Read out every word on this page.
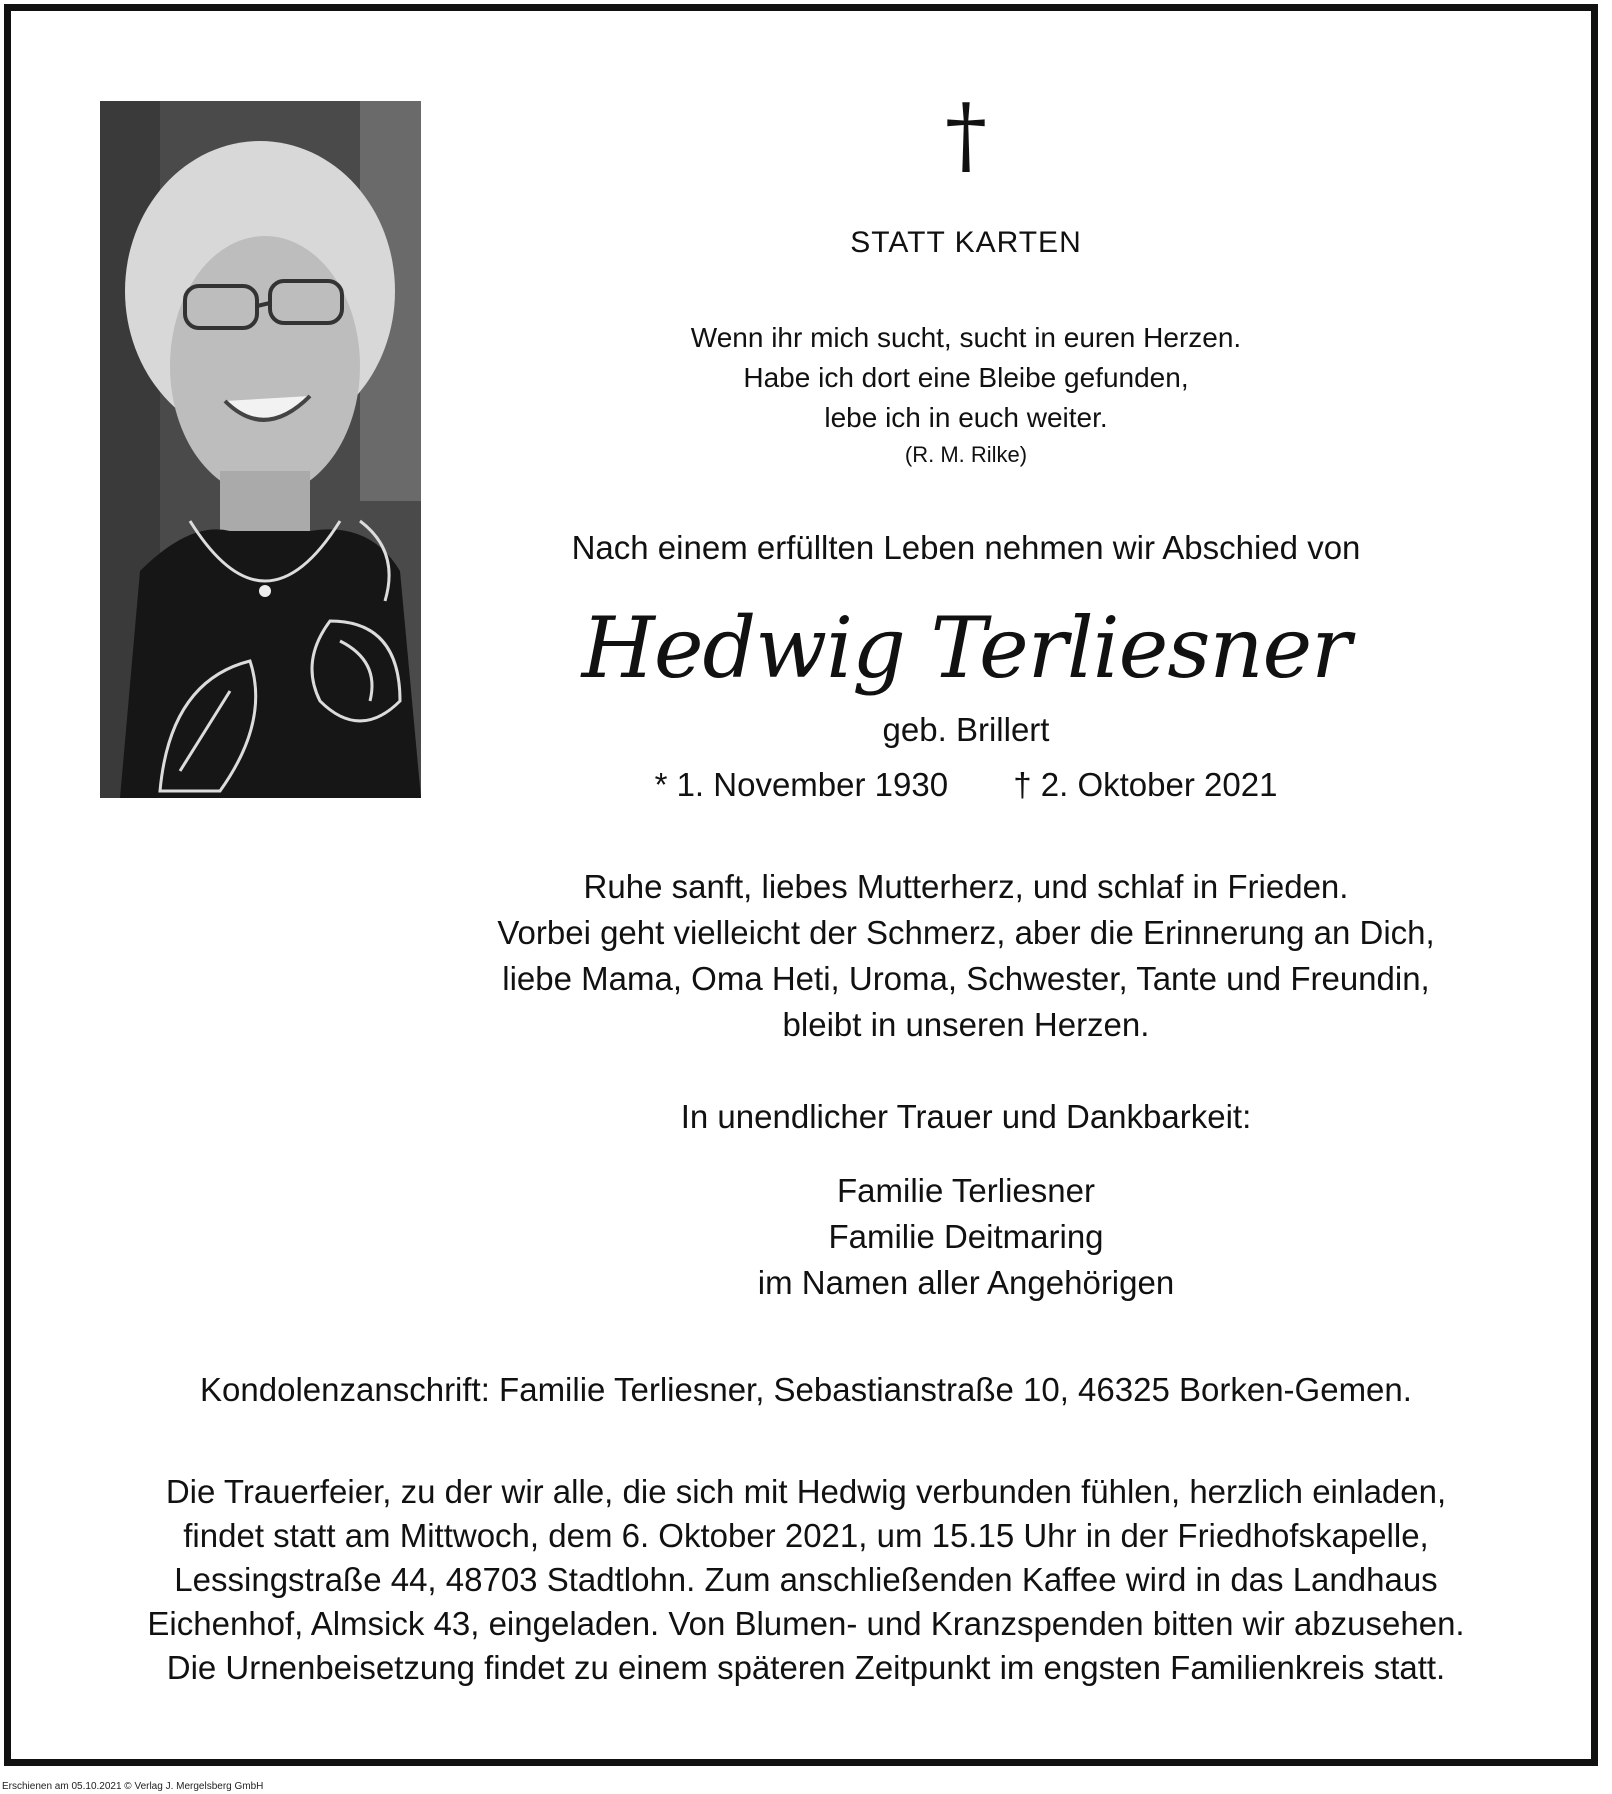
†
STATT KARTEN
Wenn ihr mich sucht, sucht in euren Herzen.
Habe ich dort eine Bleibe gefunden,
lebe ich in euch weiter.
(R. M. Rilke)
Nach einem erfüllten Leben nehmen wir Abschied von
Hedwig Terliesner
geb. Brillert
* 1. November 1930 † 2. Oktober 2021
Ruhe sanft, liebes Mutterherz, und schlaf in Frieden.
Vorbei geht vielleicht der Schmerz, aber die Erinnerung an Dich,
liebe Mama, Oma Heti, Uroma, Schwester, Tante und Freundin,
bleibt in unseren Herzen.
In unendlicher Trauer und Dankbarkeit:
Familie Terliesner
Familie Deitmaring
im Namen aller Angehörigen
Kondolenzanschrift: Familie Terliesner, Sebastianstraße 10, 46325 Borken-Gemen.
Die Trauerfeier, zu der wir alle, die sich mit Hedwig verbunden fühlen, herzlich einladen,
findet statt am Mittwoch, dem 6. Oktober 2021, um 15.15 Uhr in der Friedhofskapelle,
Lessingstraße 44, 48703 Stadtlohn. Zum anschließenden Kaffee wird in das Landhaus
Eichenhof, Almsick 43, eingeladen. Von Blumen- und Kranzspenden bitten wir abzusehen.
Die Urnenbeisetzung findet zu einem späteren Zeitpunkt im engsten Familienkreis statt.
Erschienen am 05.10.2021 © Verlag J. Mergelsberg GmbH
